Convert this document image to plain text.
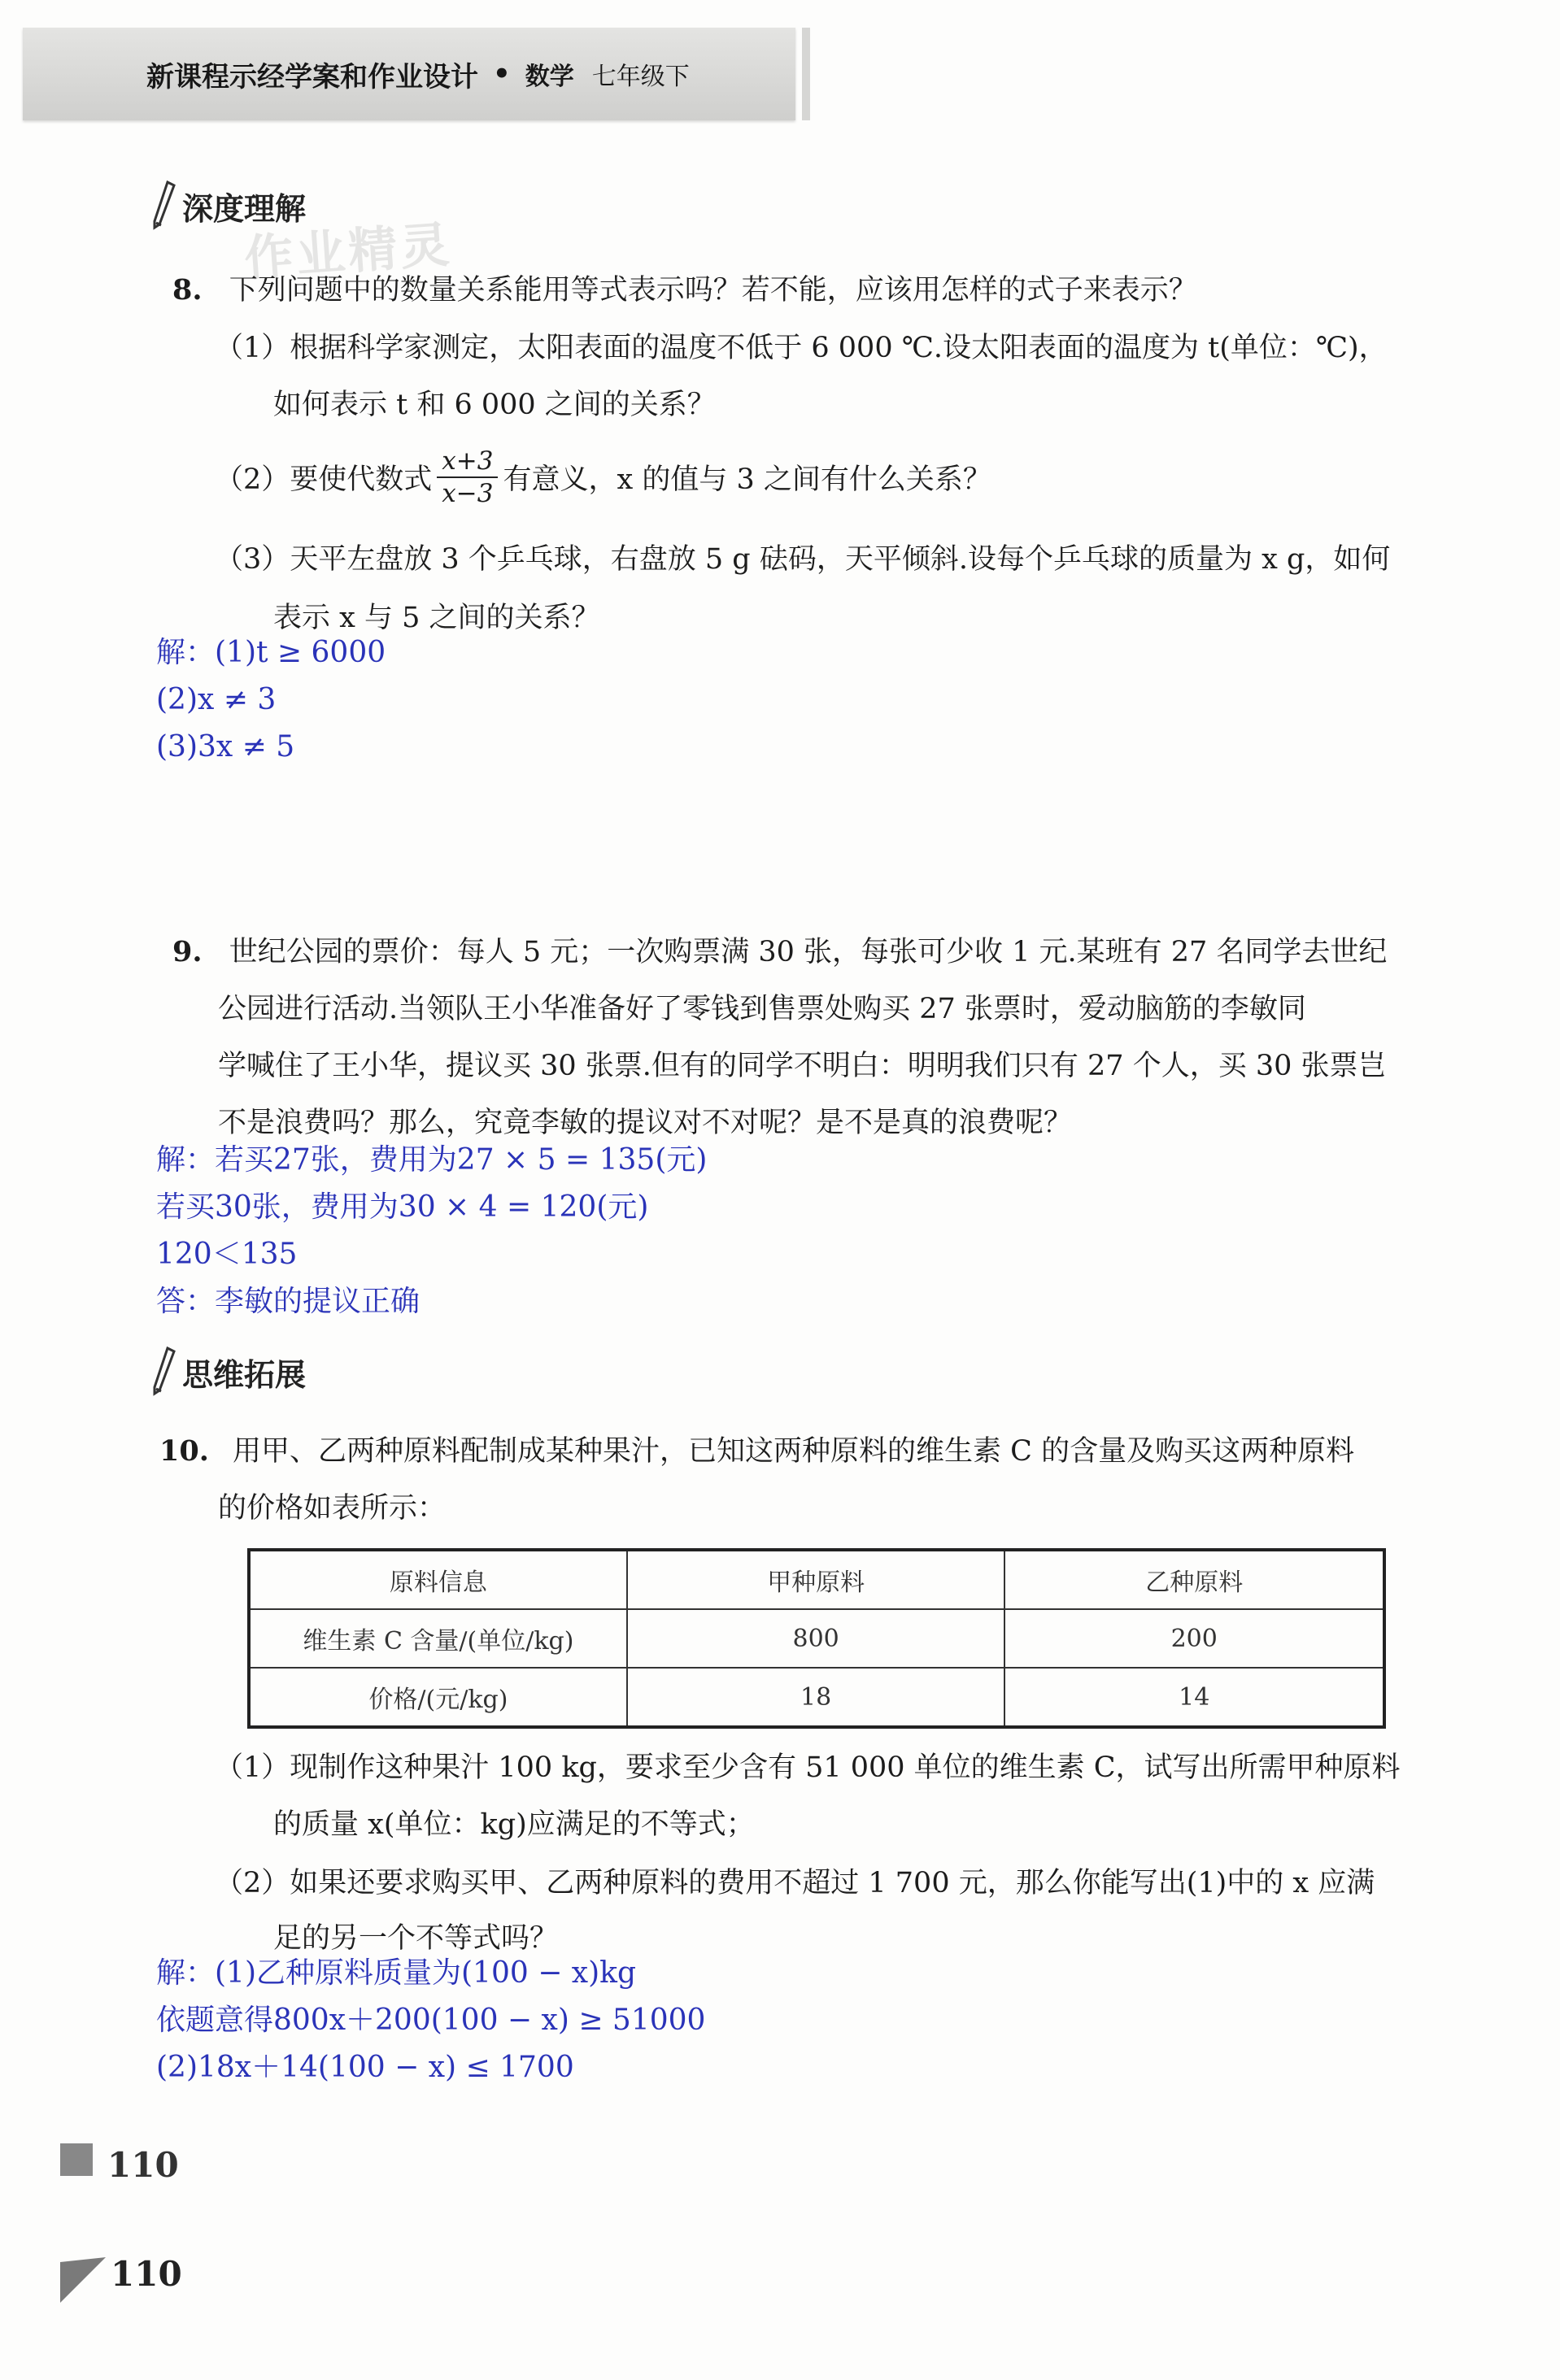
新课程示经学案和作业设计 • 数学 七年级下
深度理解
作业精灵
8. 下列问题中的数量关系能用等式表示吗？若不能，应该用怎样的式子来表示？
（1）根据科学家测定，太阳表面的温度不低于 6 000 ℃.设太阳表面的温度为 t(单位：℃)，
如何表示 t 和 6 000 之间的关系？
（2）要使代数式 $\frac{x+3}{x-3}$ 有意义，x 的值与 3 之间有什么关系？
（3）天平左盘放 3 个乒乓球，右盘放 5 g 砝码，天平倾斜.设每个乒乓球的质量为 x g，如何
表示 x 与 5 之间的关系？
解：(1)t ≥ 6000
(2)x ≠ 3
(3)3x ≠ 5
9. 世纪公园的票价：每人 5 元；一次购票满 30 张，每张可少收 1 元.某班有 27 名同学去世纪
公园进行活动.当领队王小华准备好了零钱到售票处购买 27 张票时，爱动脑筋的李敏同
学喊住了王小华，提议买 30 张票.但有的同学不明白：明明我们只有 27 个人，买 30 张票岂
不是浪费吗？那么，究竟李敏的提议对不对呢？是不是真的浪费呢？
解：若买27张，费用为27 × 5 = 135(元)
若买30张，费用为30 × 4 = 120(元)
120＜135
答：李敏的提议正确
思维拓展
10. 用甲、乙两种原料配制成某种果汁，已知这两种原料的维生素 C 的含量及购买这两种原料
的价格如表所示：
原料信息	甲种原料	乙种原料
维生素 C 含量/(单位/kg)	800	200
价格/(元/kg)	18	14
（1）现制作这种果汁 100 kg，要求至少含有 51 000 单位的维生素 C，试写出所需甲种原料
的质量 x(单位：kg)应满足的不等式；
（2）如果还要求购买甲、乙两种原料的费用不超过 1 700 元，那么你能写出(1)中的 x 应满
足的另一个不等式吗？
解：(1)乙种原料质量为(100 − x)kg
依题意得800x＋200(100 − x) ≥ 51000
(2)18x＋14(100 − x) ≤ 1700
110
110
